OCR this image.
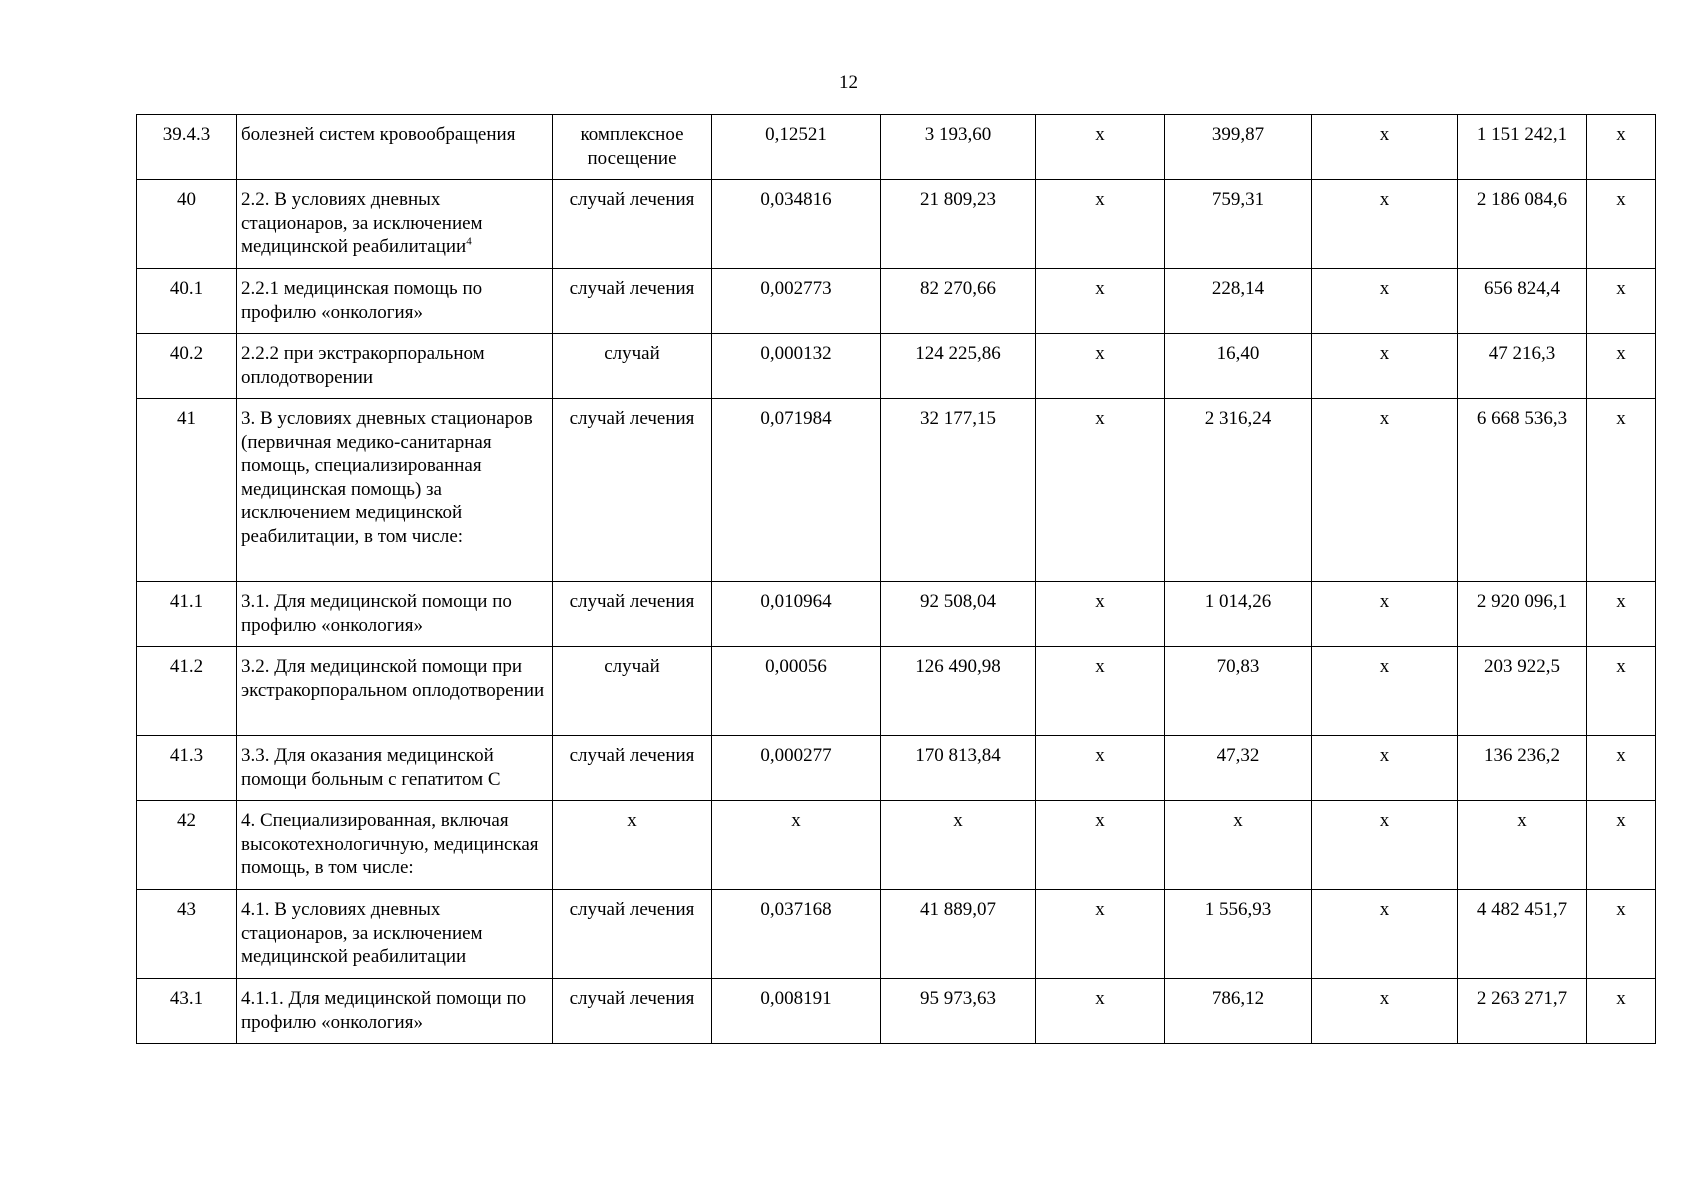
12
39.4.3	болезней систем кровообращения	комплексное посещение	0,12521	3 193,60	х	399,87	х	1 151 242,1	х
40	2.2. В условиях дневных стационаров, за исключением медицинской реабилитации$^4$	случай лечения	0,034816	21 809,23	х	759,31	х	2 186 084,6	х
40.1	2.2.1 медицинская помощь по профилю «онкология»	случай лечения	0,002773	82 270,66	х	228,14	х	656 824,4	х
40.2	2.2.2 при экстракорпоральном оплодотворении	случай	0,000132	124 225,86	х	16,40	х	47 216,3	х
41	3. В условиях дневных стационаров (первичная медико-санитарная помощь, специализированная медицинская помощь) за исключением медицинской реабилитации, в том числе:	случай лечения	0,071984	32 177,15	х	2 316,24	х	6 668 536,3	х
41.1	3.1. Для медицинской помощи по профилю «онкология»	случай лечения	0,010964	92 508,04	х	1 014,26	х	2 920 096,1	х
41.2	3.2. Для медицинской помощи при экстракорпоральном оплодотворении	случай	0,00056	126 490,98	х	70,83	х	203 922,5	х
41.3	3.3. Для оказания медицинской помощи больным с гепатитом С	случай лечения	0,000277	170 813,84	х	47,32	х	136 236,2	х
42	4. Специализированная, включая высокотехнологичную, медицинская помощь, в том числе:	х	х	х	х	х	х	х	х
43	4.1. В условиях дневных стационаров, за исключением медицинской реабилитации	случай лечения	0,037168	41 889,07	х	1 556,93	х	4 482 451,7	х
43.1	4.1.1. Для медицинской помощи по профилю «онкология»	случай лечения	0,008191	95 973,63	х	786,12	х	2 263 271,7	х
